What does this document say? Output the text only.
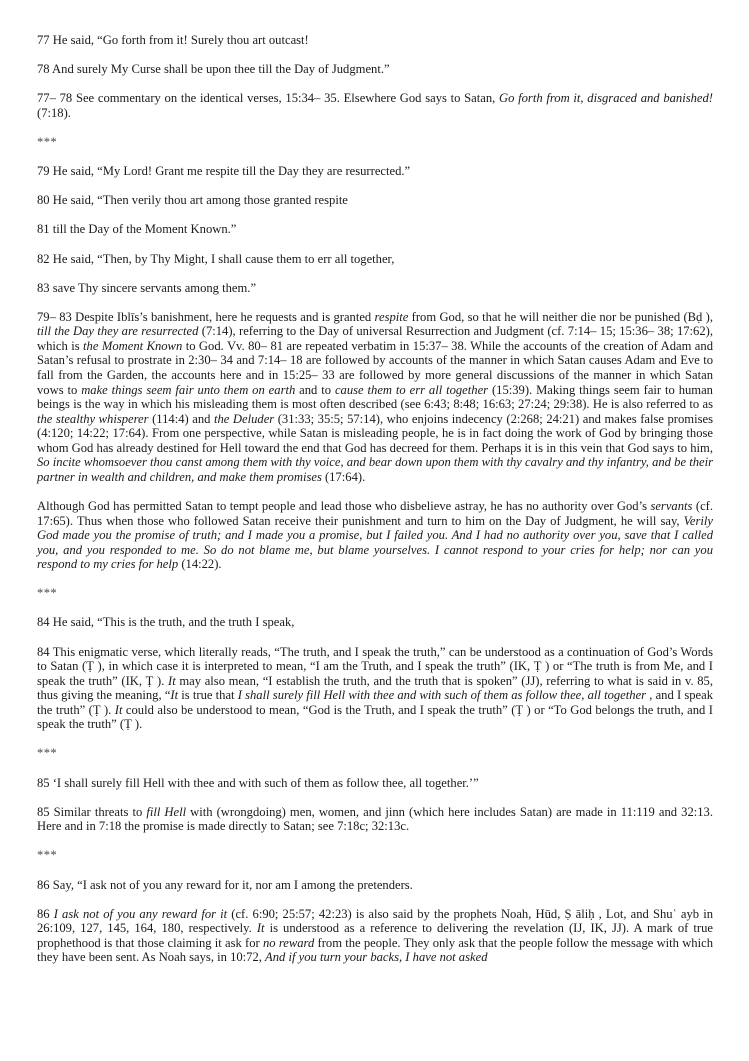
77 He said, “Go forth from it! Surely thou art outcast!

78 And surely My Curse shall be upon thee till the Day of Judgment.”

77– 78 See commentary on the identical verses, 15:34– 35. Elsewhere God says to Satan, Go forth from it, disgraced and banished! (7:18).

***

79 He said, “My Lord! Grant me respite till the Day they are resurrected.”

80 He said, “Then verily thou art among those granted respite

81 till the Day of the Moment Known.”

82 He said, “Then, by Thy Might, I shall cause them to err all together,

83 save Thy sincere servants among them.”

79– 83 Despite Iblīs’s banishment, here he requests and is granted respite from God, so that he will neither die nor be punished (Bḍ ), till the Day they are resurrected (7:14), referring to the Day of universal Resurrection and Judgment (cf. 7:14– 15; 15:36– 38; 17:62), which is the Moment Known to God. Vv. 80– 81 are repeated verbatim in 15:37– 38. While the accounts of the creation of Adam and Satan’s refusal to prostrate in 2:30– 34 and 7:14– 18 are followed by accounts of the manner in which Satan causes Adam and Eve to fall from the Garden, the accounts here and in 15:25– 33 are followed by more general discussions of the manner in which Satan vows to make things seem fair unto them on earth and to cause them to err all together (15:39). Making things seem fair to human beings is the way in which his misleading them is most often described (see 6:43; 8:48; 16:63; 27:24; 29:38). He is also referred to as the stealthy whisperer (114:4) and the Deluder (31:33; 35:5; 57:14), who enjoins indecency (2:268; 24:21) and makes false promises (4:120; 14:22; 17:64). From one perspective, while Satan is misleading people, he is in fact doing the work of God by bringing those whom God has already destined for Hell toward the end that God has decreed for them. Perhaps it is in this vein that God says to him, So incite whomsoever thou canst among them with thy voice, and bear down upon them with thy cavalry and thy infantry, and be their partner in wealth and children, and make them promises (17:64).

Although God has permitted Satan to tempt people and lead those who disbelieve astray, he has no authority over God’s servants (cf. 17:65). Thus when those who followed Satan receive their punishment and turn to him on the Day of Judgment, he will say, Verily God made you the promise of truth; and I made you a promise, but I failed you. And I had no authority over you, save that I called you, and you responded to me. So do not blame me, but blame yourselves. I cannot respond to your cries for help; nor can you respond to my cries for help (14:22).

***

84 He said, “This is the truth, and the truth I speak,

84 This enigmatic verse, which literally reads, “The truth, and I speak the truth,” can be understood as a continuation of God’s Words to Satan (Ṭ ), in which case it is interpreted to mean, “I am the Truth, and I speak the truth” (IK, Ṭ ) or “The truth is from Me, and I speak the truth” (IK, Ṭ ). It may also mean, “I establish the truth, and the truth that is spoken” (JJ), referring to what is said in v. 85, thus giving the meaning, “It is true that I shall surely fill Hell with thee and with such of them as follow thee, all together , and I speak the truth” (Ṭ ). It could also be understood to mean, “God is the Truth, and I speak the truth” (Ṭ ) or “To God belongs the truth, and I speak the truth” (Ṭ ).

***

85 ‘I shall surely fill Hell with thee and with such of them as follow thee, all together.’”

85 Similar threats to fill Hell with (wrongdoing) men, women, and jinn (which here includes Satan) are made in 11:119 and 32:13. Here and in 7:18 the promise is made directly to Satan; see 7:18c; 32:13c.

***

86 Say, “I ask not of you any reward for it, nor am I among the pretenders.

86 I ask not of you any reward for it (cf. 6:90; 25:57; 42:23) is also said by the prophets Noah, Hūd, Ṣ āliḥ , Lot, and Shuʿ ayb in 26:109, 127, 145, 164, 180, respectively. It is understood as a reference to delivering the revelation (IJ, IK, JJ). A mark of true prophethood is that those claiming it ask for no reward from the people. They only ask that the people follow the message with which they have been sent. As Noah says, in 10:72, And if you turn your backs, I have not asked
